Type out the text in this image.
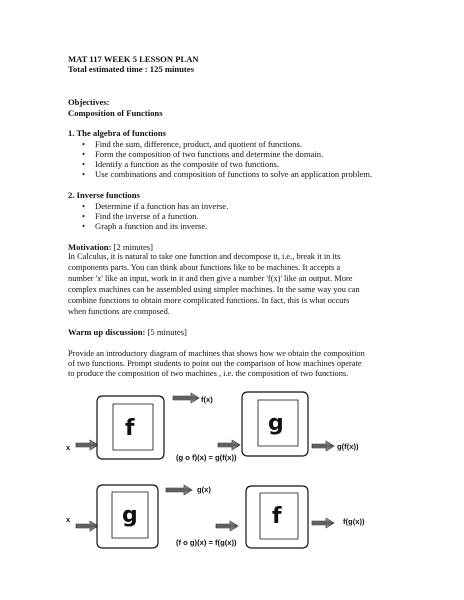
MAT 117 WEEK 5 LESSON PLAN
Total estimated time : 125 minutes
Objectives:
Composition of Functions
1. The algebra of functions
• Find the sum, difference, product, and quotient of functions.
• Form the composition of two functions and determine the domain.
• Identify a function as the composite of two functions.
• Use combinations and composition of functions to solve an application problem.
2. Inverse functions
• Determine if a function has an inverse.
• Find the inverse of a function.
• Graph a function and its inverse.
Motivation: [2 minutes]
In Calculus, it is natural to take one function and decompose it, i.e., break it in its
components parts. You can think about functions like to be machines. It accepts a
number 'x' like an input, work in it and then give a number 'f(x)' like an output. More
complex machines can be assembled using simpler machines. In the same way you can
combine functions to obtain more complicated functions. In fact, this is what occurs
when functions are composed.
Warm up discussion: [5 minutes]
Provide an introductory diagram of machines that shows how we obtain the composition
of two functions. Prompt students to point out the comparison of how machines operate
to produce the composition of two machines , i.e. the composition of two functions.
x
f
f(x)
g
g(f(x))
(g o f)(x) = g(f(x))
x g
g(x)
f	f(g(x))
(f o g)(x) = f(g(x))
